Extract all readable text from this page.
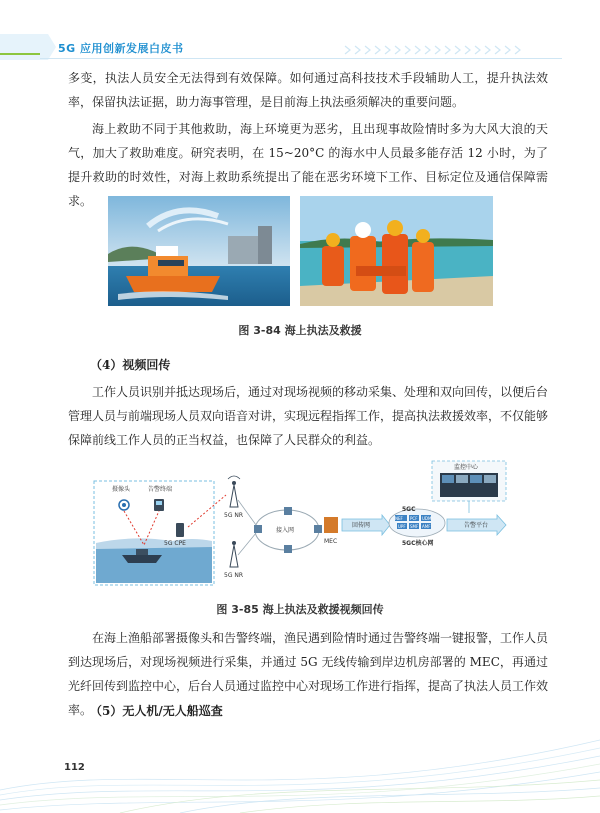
5G 应用创新发展白皮书

多变，执法人员安全无法得到有效保障。如何通过高科技技术手段辅助人工，提升执法效率，保留执法证据，助力海事管理，是目前海上执法亟须解决的重要问题。

海上救助不同于其他救助，海上环境更为恶劣，且出现事故险情时多为大风大浪的天气，加大了救助难度。研究表明，在 15~20°C 的海水中人员最多能存活 12 小时，为了提升救助的时效性，对海上救助系统提出了能在恶劣环境下工作、目标定位及通信保障需求。

图 3-84 海上执法及救援

（4）视频回传

工作人员识别并抵达现场后，通过对现场视频的移动采集、处理和双向回传，以便后台管理人员与前端现场人员双向语音对讲，实现远程指挥工作，提高执法救援效率，不仅能够保障前线工作人员的正当权益，也保障了人民群众的利益。

摄像头	告警终端
5G CPE
5G NR
5G NR
接入网
MEC
回传网
5GC
NEF
UPF SMF AMF
PCF UDM
5GC核心网
监控中心
告警平台

图 3-85 海上执法及救援视频回传

在海上渔船部署摄像头和告警终端，渔民遇到险情时通过告警终端一键报警，工作人员到达现场后，对现场视频进行采集，并通过 5G 无线传输到岸边机房部署的 MEC，再通过光纤回传到监控中心，后台人员通过监控中心对现场工作进行指挥，提高了执法人员工作效率。

（5）无人机/无人船巡查

112
